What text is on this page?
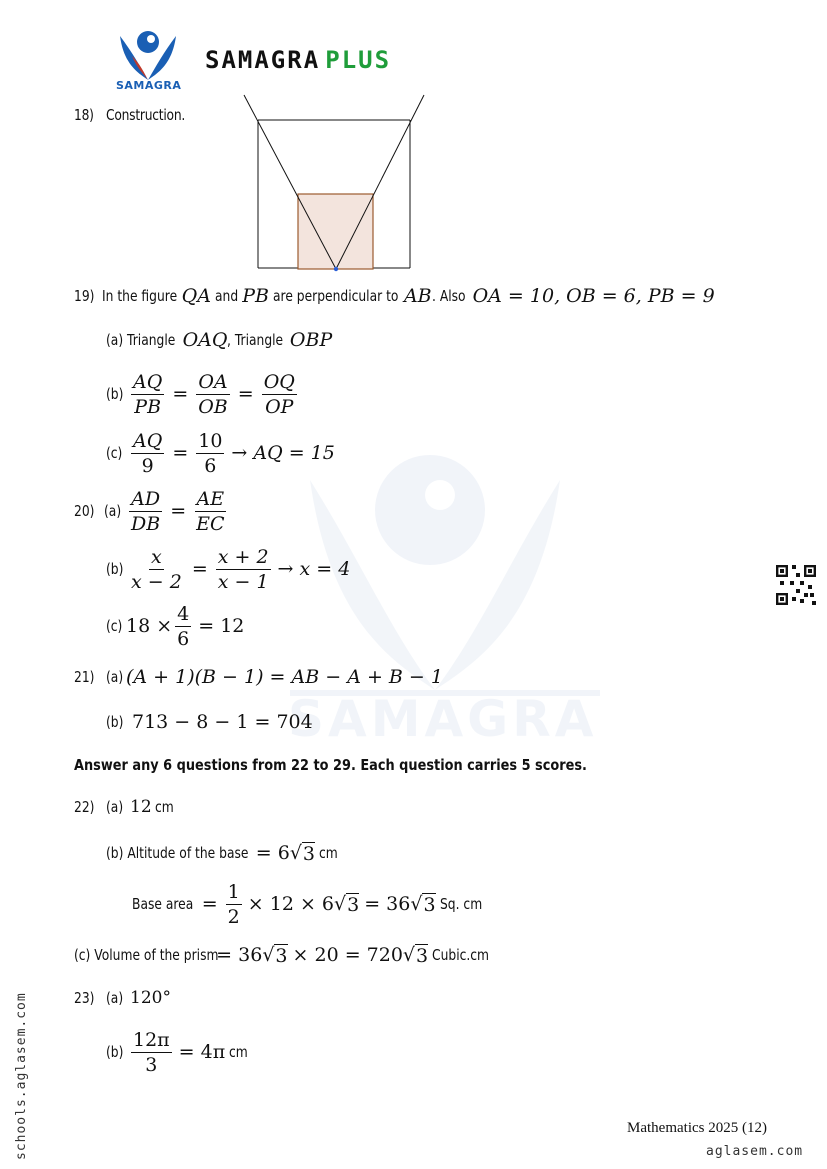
SAMAGRA
SAMAGRA
SAMAGRA PLUS
18) Construction.
19) In the figure QA and PB are perpendicular to AB . Also OA = 10, OB = 6, PB = 9
(a) Triangle OAQ , Triangle OBP
$(b) \frac{AQ}{PB} = \frac{OA}{OB} = \frac{OQ}{OP}$
$(c) \frac{AQ}{9} = \frac{10}{6}$ → AQ = 15
20) $(a) \frac{AD}{DB} = \frac{AE}{EC}$
$(b) \frac{x}{x - 2} = \frac{x + 2}{x - 1} \to x = 4$
(c) $18 \times \frac{4}{6} = 12$
21) (a) (A + 1)(B − 1) = AB − A + B − 1
(b) 713 − 8 − 1 = 704
Answer any 6 questions from 22 to 29. Each question carries 5 scores.
22) (a) 12 cm
(b) Altitude of the base = 6 √ 3 cm
Base area = $\frac{1}{2} \times 12 \times 6$ √ 3 = 36 √ 3 Sq. cm
(c) Volume of the prism
= 36 √ 3 × 20 = 720 √ 3 Cubic.cm
23) (a) 120°
$(b) \frac{12\pi}{3} = 4\pi$ cm
schools.aglasem.com	Mathematics 2025 (12)
aglasem.com
